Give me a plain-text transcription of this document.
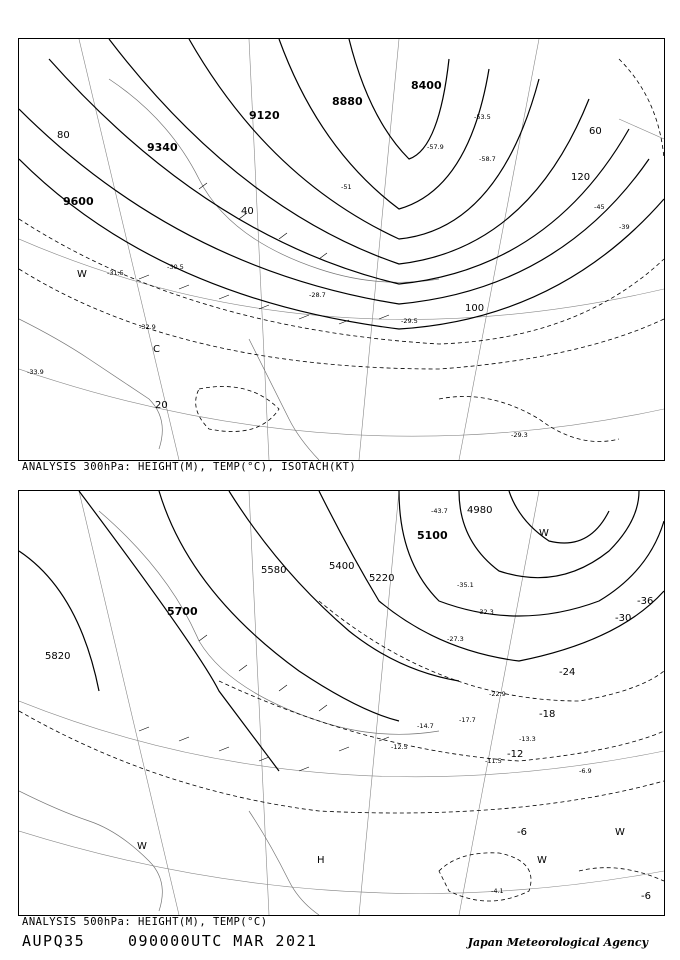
9600
9340
9120
8880
8400
80	60
40
20
120
100
W
C
-57.9
-51
-45
-39
-33.9
-30.5
-28.7
-29.5
-31.5
-32.9
-53.5
-58.7
-29.3
ANALYSIS 300hPa: HEIGHT(M), TEMP(°C), ISOTACH(KT)
5820
5700
5580	5400
5220
5100
4980
-36
-30
-24
-18
-12
-6
-6
W
H	W
W
W
-43.7
-35.1
-32.3
-27.3
-22.9
-17.7
-13.3
-11.5
-6.9
-12.5
-14.7
-4.1
ANALYSIS 500hPa: HEIGHT(M), TEMP(°C)
AUPQ35	090000UTC MAR 2021	Japan Meteorological Agency
